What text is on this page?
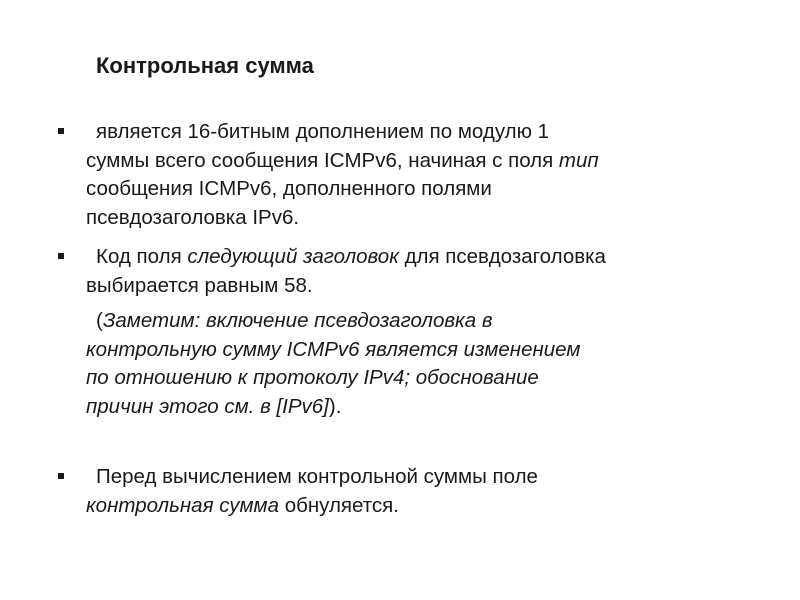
Контрольная сумма
является 16-битным дополнением по модулю 1
суммы всего сообщения ICMPv6, начиная с поля тип
сообщения ICMPv6, дополненного полями
псевдозаголовка IPv6.
Код поля следующий заголовок для псевдозаголовка
выбирается равным 58.
(Заметим: включение псевдозаголовка в
контрольную сумму ICMPv6 является изменением
по отношению к протоколу IPv4; обоснование
причин этого см. в [IPv6]).
Перед вычислением контрольной суммы поле
контрольная сумма обнуляется.
